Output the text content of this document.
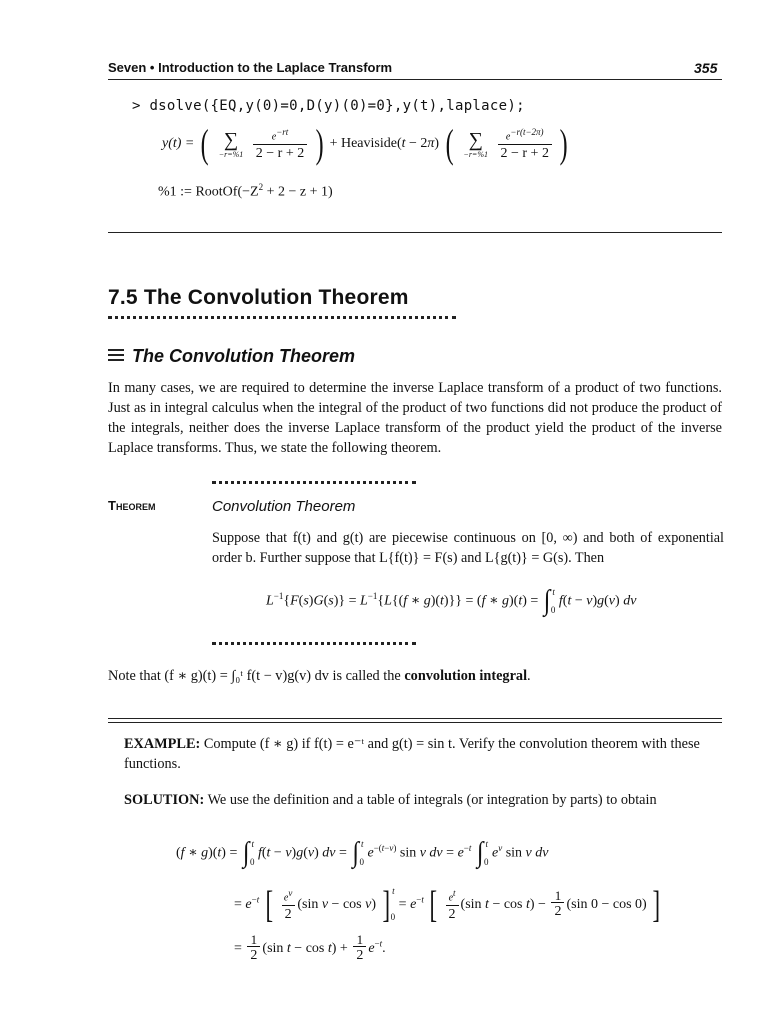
Seven • Introduction to the Laplace Transform	355
> dsolve({EQ,y(0)=0,D(y)(0)=0},y(t),laplace);
y(t) = ( ∑
−r=%1
$\frac{e^{-rt}}{2 - r + 2}$ ) + Heaviside(t − 2π) ( ∑
−r=%1
$\frac{e^{-r(t-2\pi)}}{2 - r + 2}$ )
%1 := $RootOf(-Z^2 + 2 - z + 1)$
7.5 The Convolution Theorem
The Convolution Theorem
In many cases, we are required to determine the inverse Laplace transform of a product of two functions. Just as in integral calculus when the integral of the product of two functions did not produce the product of the integrals, neither does the inverse Laplace transform of the product yield the product of the inverse Laplace transforms. Thus, we state the following theorem.
Theorem	Convolution Theorem
Suppose that f(t) and g(t) are piecewise continuous on [0, ∞) and both of exponential order b. Further suppose that L{f(t)} = F(s) and L{g(t)} = G(s). Then
$L^{-1}\{F(s)G(s)\} = L^{-1}\{L\{(f$ ∗ g)(t)}} = (f ∗ g)(t) = ∫ $^t_0$ f(t − v)g(v) dv
Note that (f ∗ g)(t) = ∫₀ᵗ f(t − v)g(v) dv is called the convolution integral.
EXAMPLE: Compute (f ∗ g) if f(t) = e⁻ᵗ and g(t) = sin t. Verify the convolution theorem with these functions.
SOLUTION: We use the definition and a table of integrals (or integration by parts) to obtain
(f ∗ g)(t) = ∫ $^t_0$ f(t − v)g(v) dv = ∫ $^t_0$ $e^{-(t-v)}$ sin v dv = $e^{-t}$ ∫ $^t_0$ $e^v$ sin v dv
= $e^{-t}$ [ $\frac{e^v}{2} (\sin$ v − cos v) ] $^t_0 = e^{-t}$ [ $\frac{e^t}{2} (\sin$ $t - \cos t) - \frac{1}{2} (\sin$ 0 − cos 0) ]
= $\frac{1}{2} (\sin$ $t - \cos t) + \frac{1}{2} e^{-t}$.
